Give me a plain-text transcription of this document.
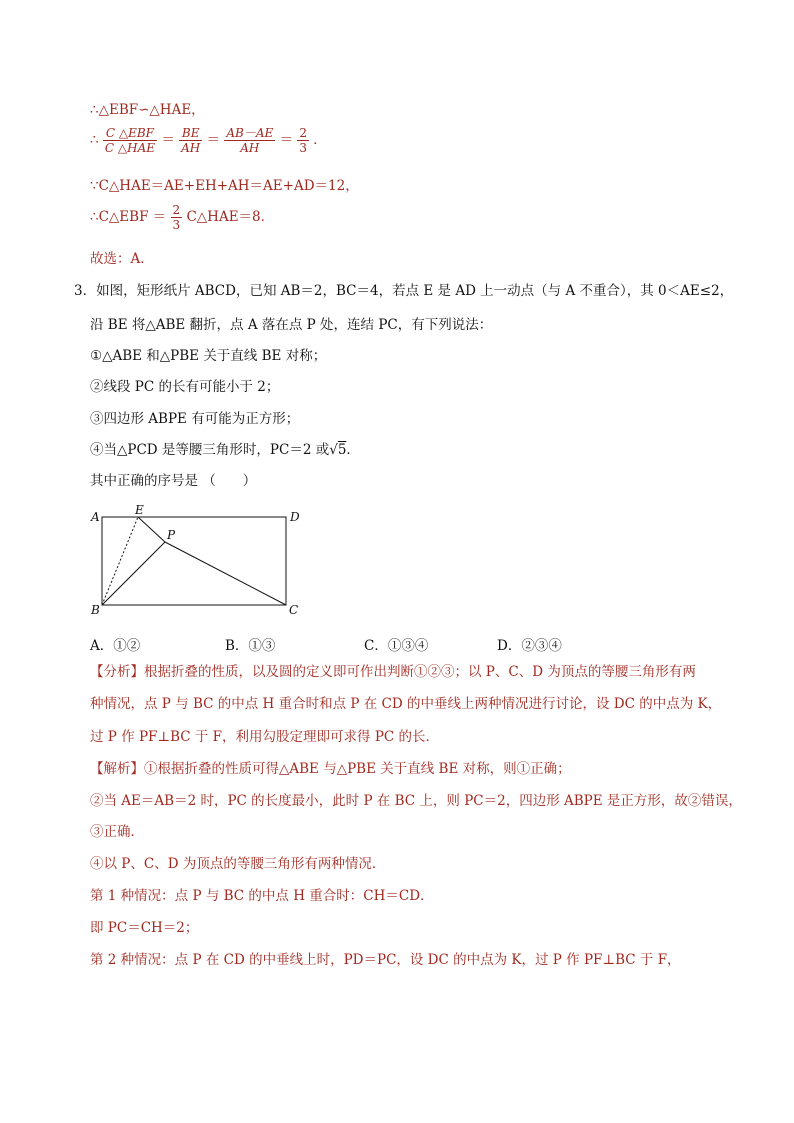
∴△EBF∽△HAE，
∴ $\frac{\text{C △EBF}}{\text{C △HAE}} = \frac{BE}{AH} = \frac{AB-AE}{AH} = \frac{2}{3}$ ．
∵C△HAE＝AE+EH+AH＝AE+AD＝12，
∴C△EBF ＝ $\frac{2}{3}$ C△HAE＝8．
故选：A．
3．如图，矩形纸片 ABCD，已知 AB＝2，BC＝4，若点 E 是 AD 上一动点（与 A 不重合），其 0＜AE≤2，
沿 BE 将△ABE 翻折，点 A 落在点 P 处，连结 PC，有下列说法：
①△ABE 和△PBE 关于直线 BE 对称；
②线段 PC 的长有可能小于 2；
③四边形 ABPE 有可能为正方形；
④当△PCD 是等腰三角形时，PC＝2 或√5．
其中正确的序号是 （　　）
A	E	D
P
B	C
A．①②	B．①③	C．①③④	D．②③④
【分析】根据折叠的性质，以及圆的定义即可作出判断①②③；以 P、C、D 为顶点的等腰三角形有两
种情况，点 P 与 BC 的中点 H 重合时和点 P 在 CD 的中垂线上两种情况进行讨论，设 DC 的中点为 K，
过 P 作 PF⊥BC 于 F，利用勾股定理即可求得 PC 的长．
【解析】①根据折叠的性质可得△ABE 与△PBE 关于直线 BE 对称，则①正确；
②当 AE＝AB＝2 时，PC 的长度最小，此时 P 在 BC 上，则 PC＝2，四边形 ABPE 是正方形，故②错误，
③正确．
④以 P、C、D 为顶点的等腰三角形有两种情况．
第 1 种情况：点 P 与 BC 的中点 H 重合时：CH＝CD．
即 PC＝CH＝2；
第 2 种情况：点 P 在 CD 的中垂线上时，PD＝PC，设 DC 的中点为 K，过 P 作 PF⊥BC 于 F，
